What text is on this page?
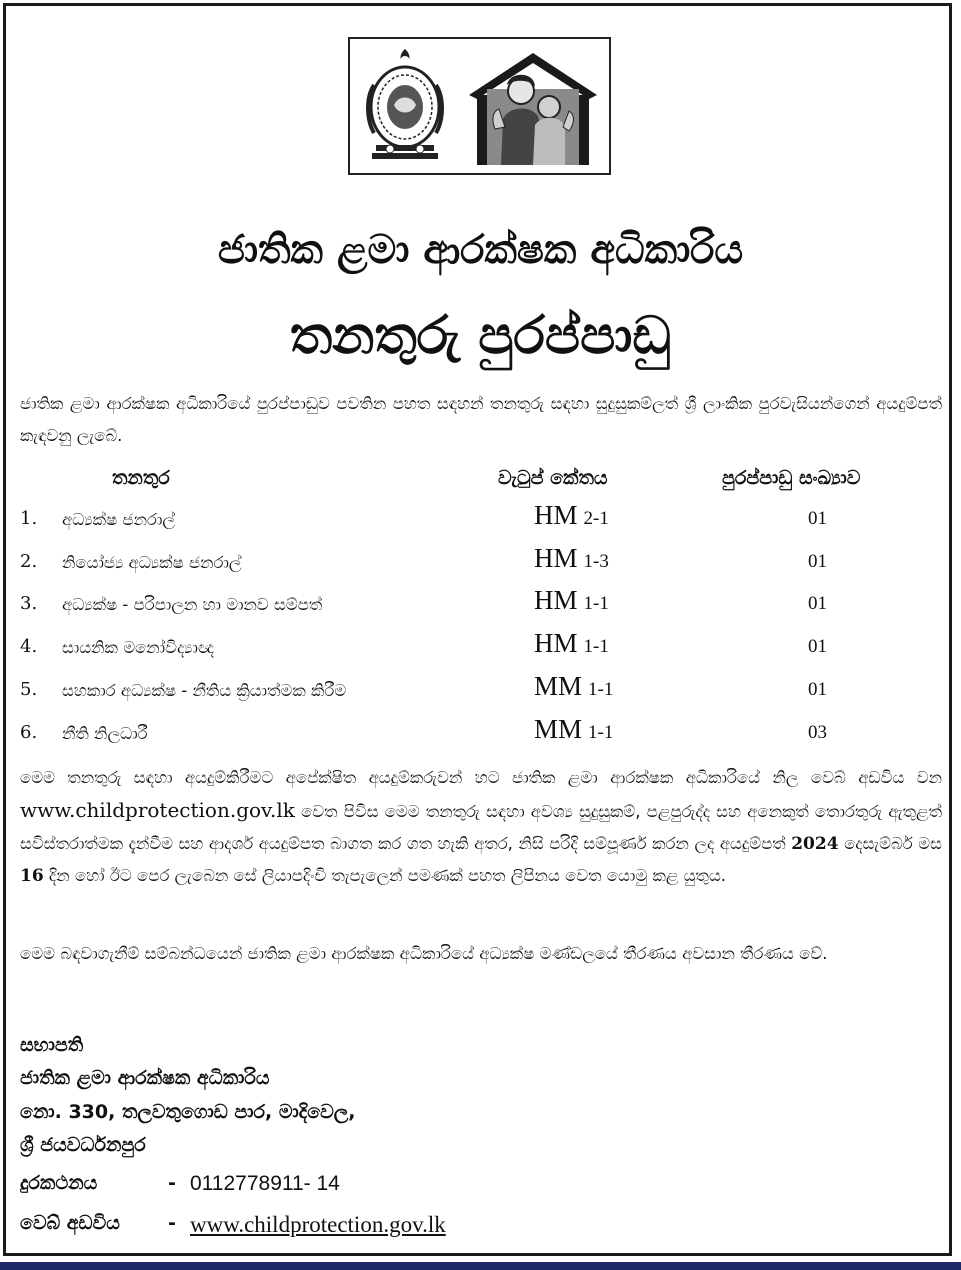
ජාතික ළමා ආරක්ෂක අධිකාරිය
තනතුරු පුරප්පාඩු
ජාතික ළමා ආරක්ෂක අධිකාරියේ පුරප්පාඩුව පවතින පහත සඳහන් තනතුරු සඳහා සුදුසුකම්ලත් ශ්‍රී ලාංකික පුරවැසියන්ගෙන් අයදුම්පත් කැඳවනු ලැබේ.
තනතුර	වැටුප් කේතය	පුරප්පාඩු සංඛ්‍යාව
1. අධ්‍යක්ෂ ජනරාල්	HM 2-1	01
2. නියෝජ්‍ය අධ්‍යක්ෂ ජනරාල්	HM 1-3	01
3. අධ්‍යක්ෂ - පරිපාලන හා මානව සම්පත්	HM 1-1	01
4. සායනික මනෝවිද්‍යාඥ	HM 1-1	01
5. සහකාර අධ්‍යක්ෂ - නීතිය ක්‍රියාත්මක කිරීම	MM 1-1	01
6. නීති නිලධාරී	MM 1-1	03
මෙම තනතුරු සඳහා අයදුම්කිරීමට අපේක්ෂිත අයදුම්කරුවන් හට ජාතික ළමා ආරක්ෂක අධිකාරියේ නිල වෙබ් අඩවිය වන www.childprotection.gov.lk වෙත පිවිස මෙම තනතුරු සඳහා අවශ්‍ය සුදුසුකම්, පළපුරුද්ද සහ අනෙකුත් තොරතුරු ඇතුළත් සවිස්තරාත්මක දැන්වීම සහ ආදර්ශ අයදුම්පත බාගත කර ගත හැකි අතර, නිසි පරිදි සම්පූර්ණ කරන ලද අයදුම්පත් 2024 දෙසැම්බර් මස 16 දින හෝ ඊට පෙර ලැබෙන සේ ලියාපදිංචි තැපැලෙන් පමණක් පහත ලිපිනය වෙත යොමු කළ යුතුය.
මෙම බඳවාගැනීම් සම්බන්ධයෙන් ජාතික ළමා ආරක්ෂක අධිකාරියේ අධ්‍යක්ෂ මණ්ඩලයේ තීරණය අවසාන තීරණය වේ.
සභාපති
ජාතික ළමා ආරක්ෂක අධිකාරිය
නො. 330, තලවතුගොඩ පාර, මාදිවෙල,
ශ්‍රී ජයවර්ධනපුර
දුරකථනය	- 0112778911- 14
වෙබ් අඩවිය	- www.childprotection.gov.lk
